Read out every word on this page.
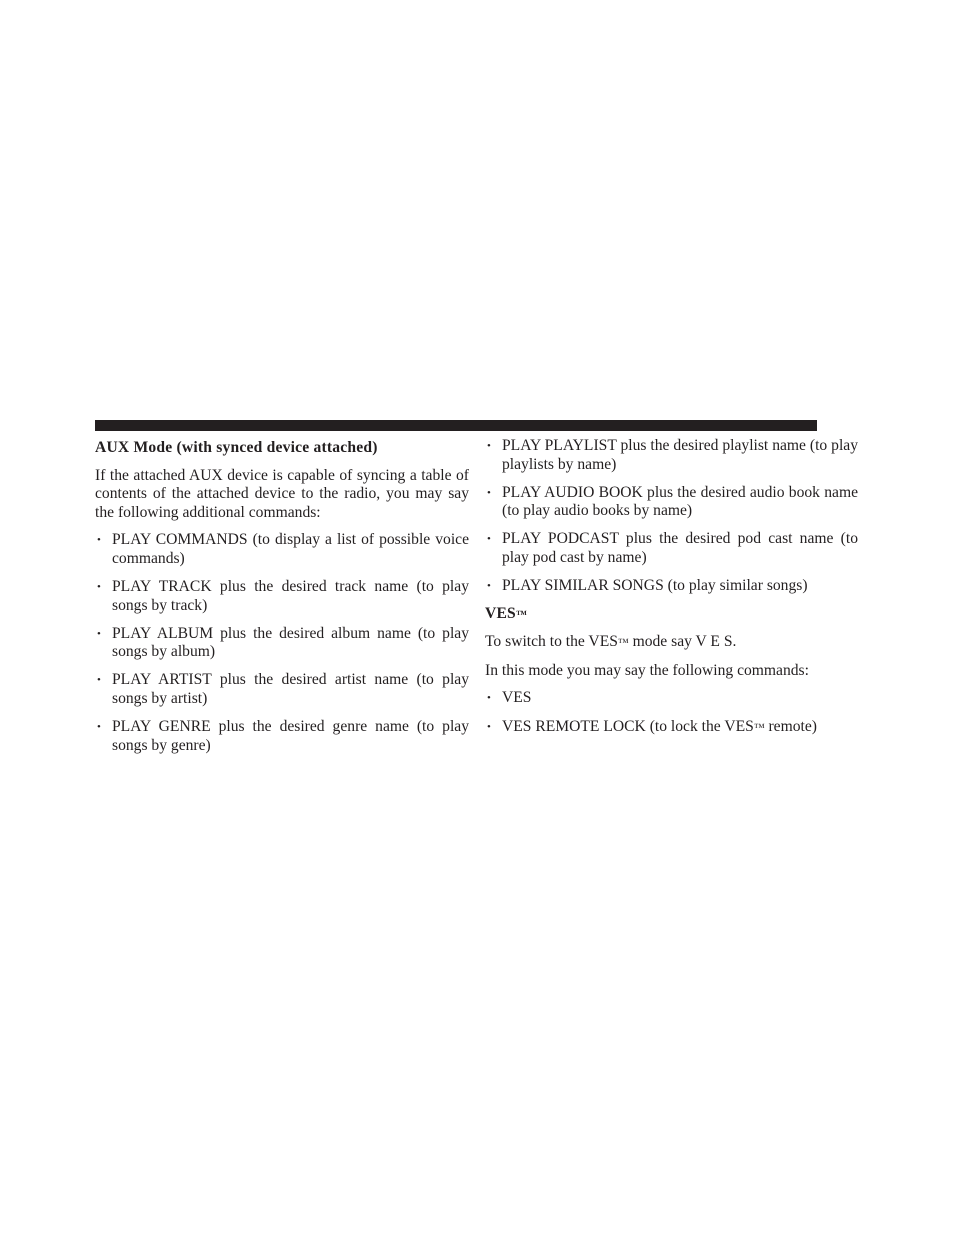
AUX Mode (with synced device attached)

If the attached AUX device is capable of syncing a table of contents of the attached device to the radio, you may say the following additional commands:

• PLAY COMMANDS (to display a list of possible voice commands)
• PLAY TRACK plus the desired track name (to play songs by track)
• PLAY ALBUM plus the desired album name (to play songs by album)
• PLAY ARTIST plus the desired artist name (to play songs by artist)
• PLAY GENRE plus the desired genre name (to play songs by genre)
• PLAY PLAYLIST plus the desired playlist name (to play playlists by name)
• PLAY AUDIO BOOK plus the desired audio book name (to play audio books by name)
• PLAY PODCAST plus the desired pod cast name (to play pod cast by name)
• PLAY SIMILAR SONGS (to play similar songs)

VES™

To switch to the VES™ mode say V E S.

In this mode you may say the following commands:

• VES
• VES REMOTE LOCK (to lock the VES™ remote)
